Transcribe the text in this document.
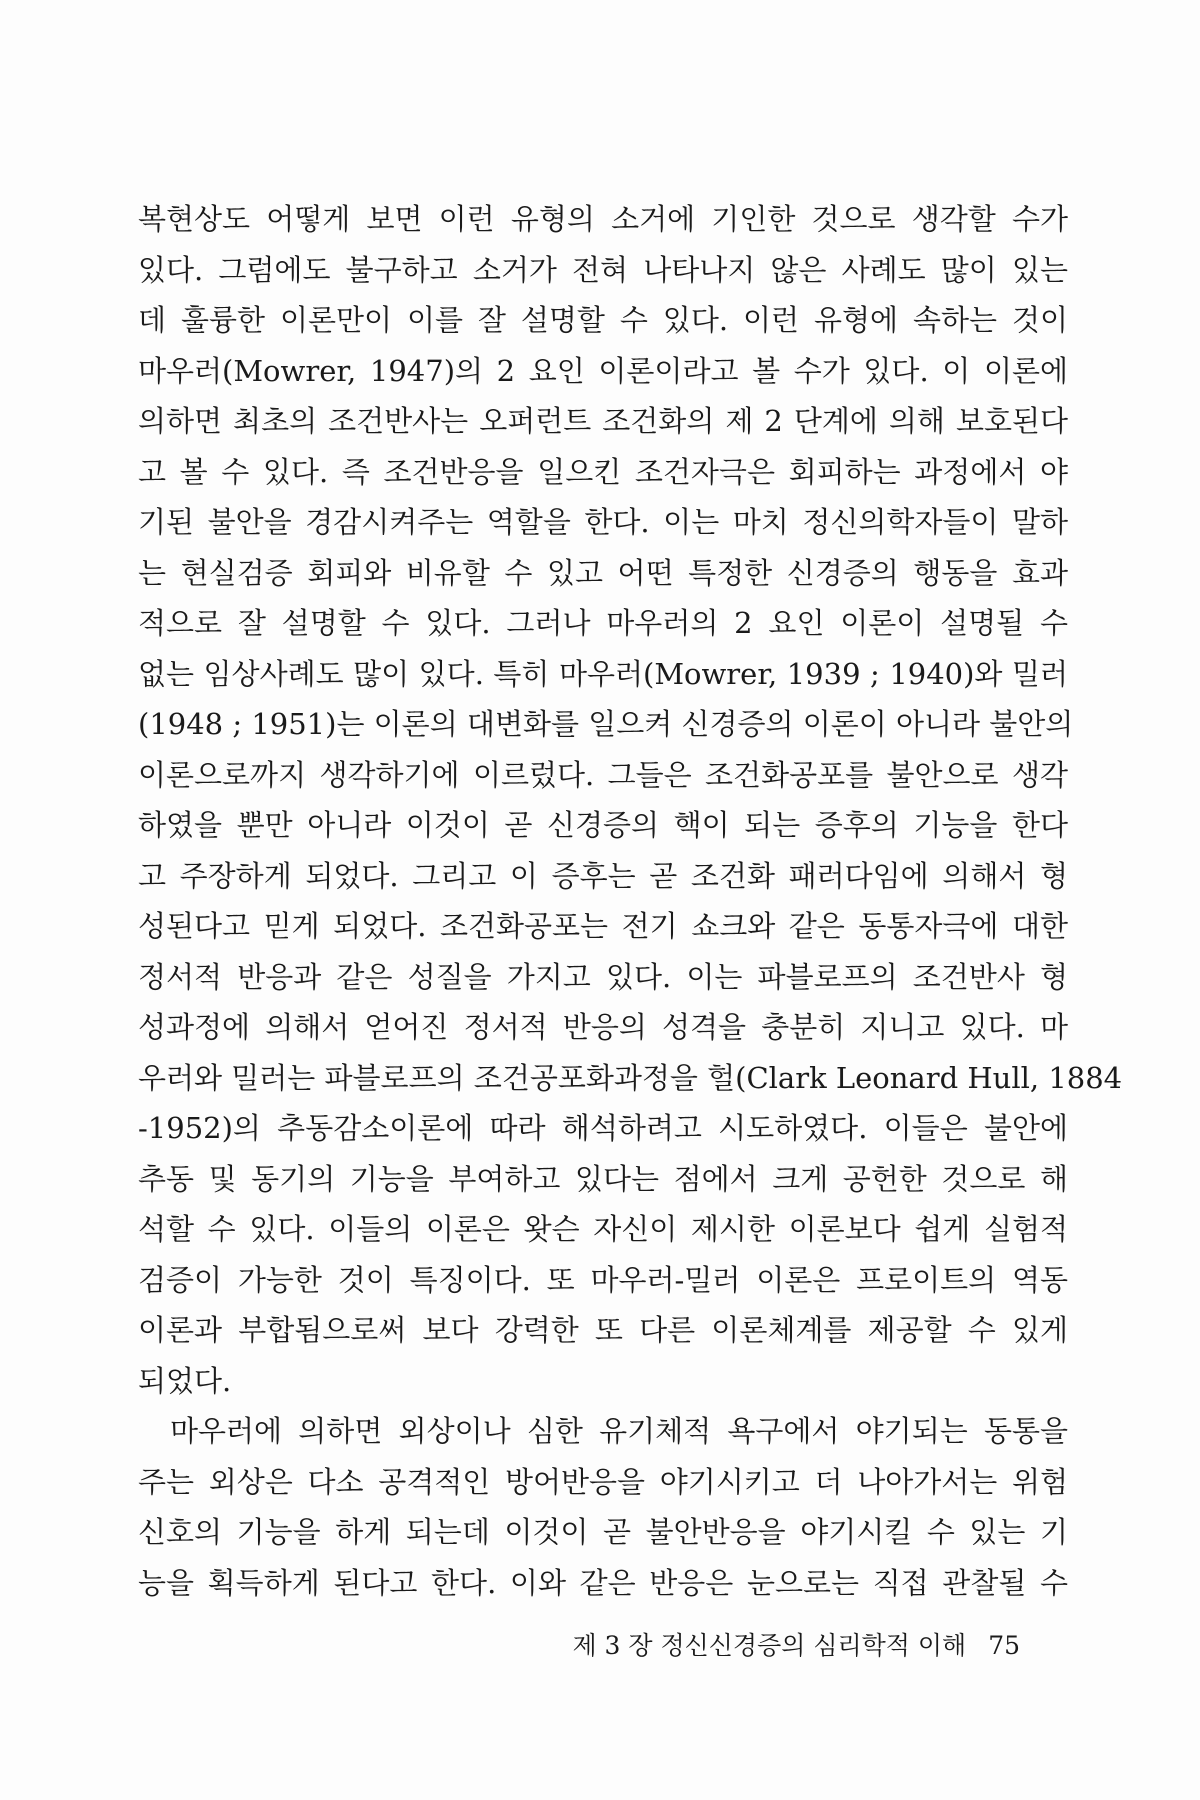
복현상도 어떻게 보면 이런 유형의 소거에 기인한 것으로 생각할 수가
있다. 그럼에도 불구하고 소거가 전혀 나타나지 않은 사례도 많이 있는
데 훌륭한 이론만이 이를 잘 설명할 수 있다. 이런 유형에 속하는 것이
마우러(Mowrer, 1947)의 2 요인 이론이라고 볼 수가 있다. 이 이론에
의하면 최초의 조건반사는 오퍼런트 조건화의 제 2 단계에 의해 보호된다
고 볼 수 있다. 즉 조건반응을 일으킨 조건자극은 회피하는 과정에서 야
기된 불안을 경감시켜주는 역할을 한다. 이는 마치 정신의학자들이 말하
는 현실검증 회피와 비유할 수 있고 어떤 특정한 신경증의 행동을 효과
적으로 잘 설명할 수 있다. 그러나 마우러의 2 요인 이론이 설명될 수
없는 임상사례도 많이 있다. 특히 마우러(Mowrer, 1939 ; 1940)와 밀러
(1948 ; 1951)는 이론의 대변화를 일으켜 신경증의 이론이 아니라 불안의
이론으로까지 생각하기에 이르렀다. 그들은 조건화공포를 불안으로 생각
하였을 뿐만 아니라 이것이 곧 신경증의 핵이 되는 증후의 기능을 한다
고 주장하게 되었다. 그리고 이 증후는 곧 조건화 패러다임에 의해서 형
성된다고 믿게 되었다. 조건화공포는 전기 쇼크와 같은 동통자극에 대한
정서적 반응과 같은 성질을 가지고 있다. 이는 파블로프의 조건반사 형
성과정에 의해서 얻어진 정서적 반응의 성격을 충분히 지니고 있다. 마
우러와 밀러는 파블로프의 조건공포화과정을 헐(Clark Leonard Hull, 1884
-1952)의 추동감소이론에 따라 해석하려고 시도하였다. 이들은 불안에
추동 및 동기의 기능을 부여하고 있다는 점에서 크게 공헌한 것으로 해
석할 수 있다. 이들의 이론은 왓슨 자신이 제시한 이론보다 쉽게 실험적
검증이 가능한 것이 특징이다. 또 마우러-밀러 이론은 프로이트의 역동
이론과 부합됨으로써 보다 강력한 또 다른 이론체계를 제공할 수 있게
되었다.
마우러에 의하면 외상이나 심한 유기체적 욕구에서 야기되는 동통을
주는 외상은 다소 공격적인 방어반응을 야기시키고 더 나아가서는 위험
신호의 기능을 하게 되는데 이것이 곧 불안반응을 야기시킬 수 있는 기
능을 획득하게 된다고 한다. 이와 같은 반응은 눈으로는 직접 관찰될 수
제 3 장 정신신경증의 심리학적 이해 75
